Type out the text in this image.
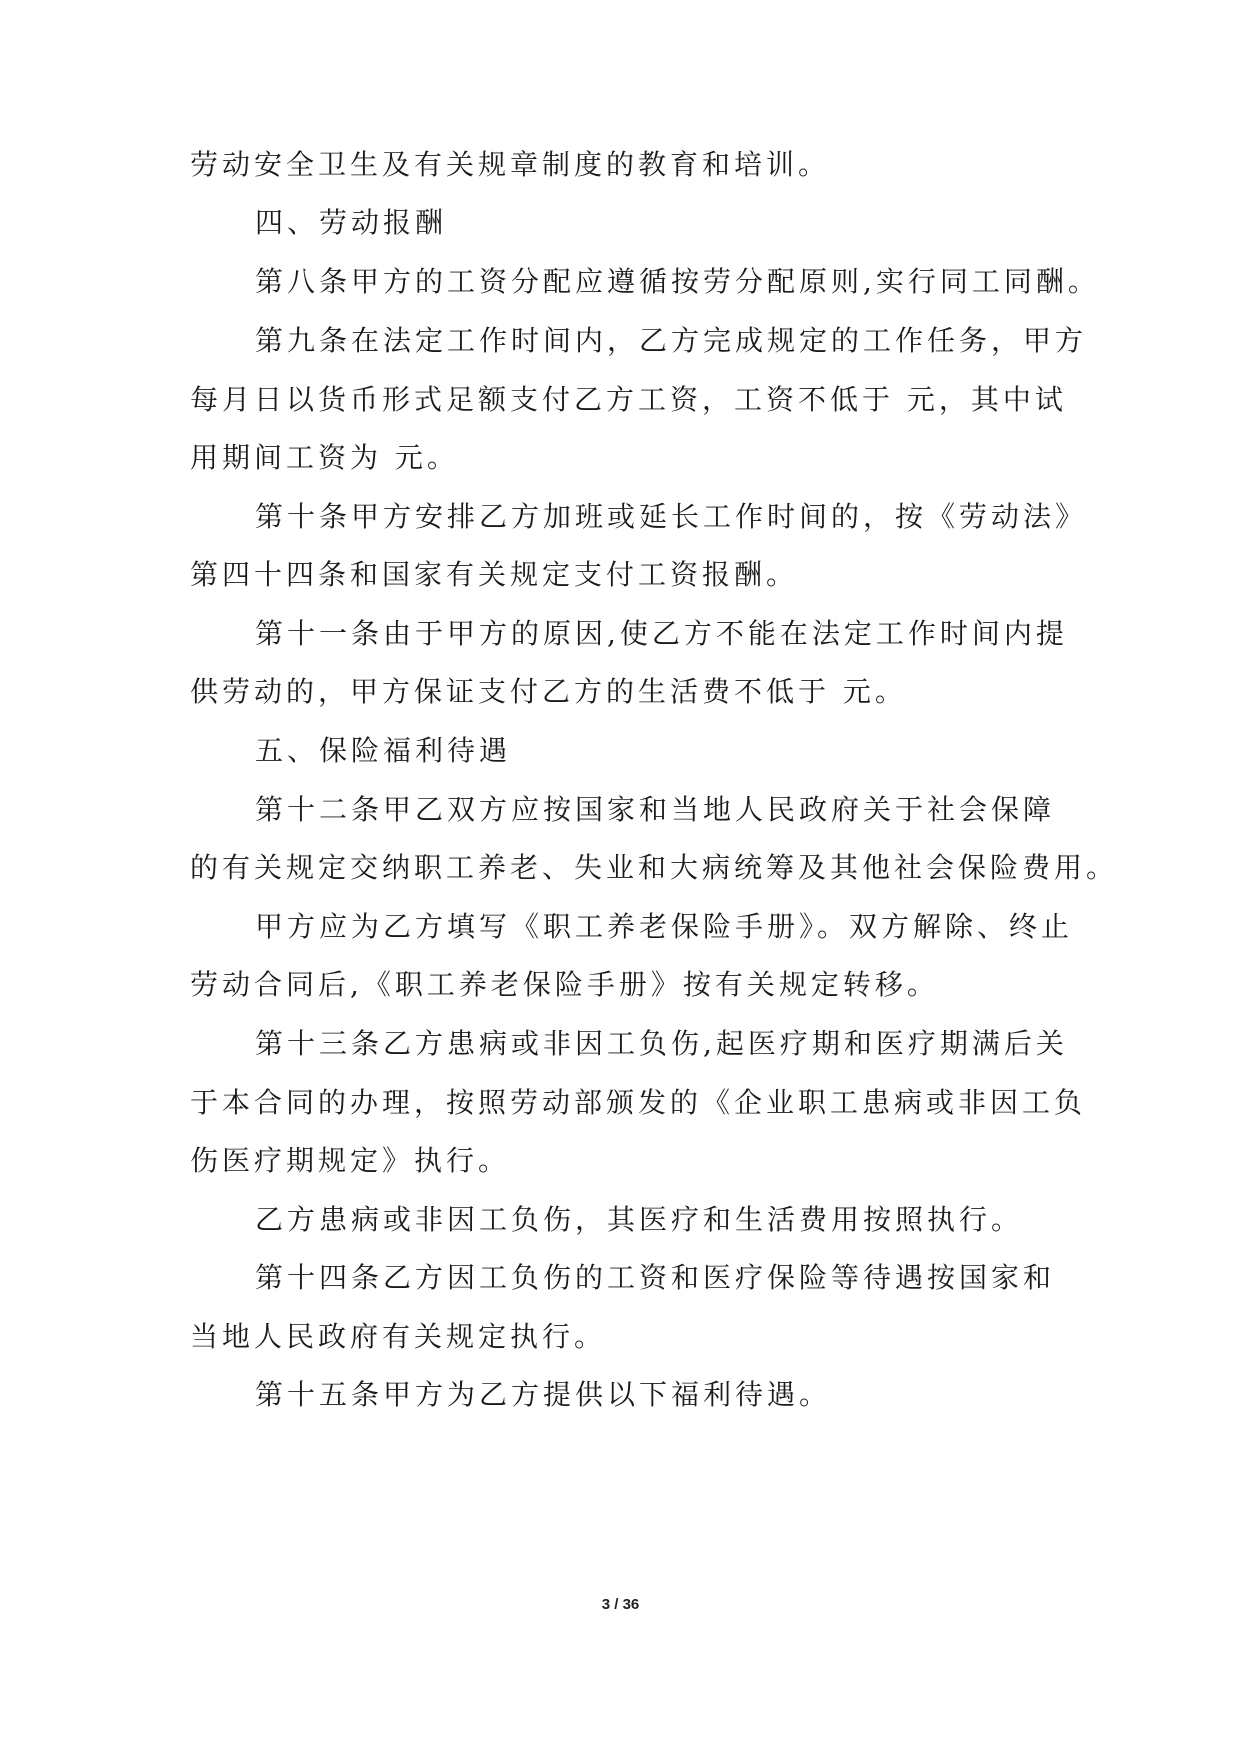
劳动安全卫生及有关规章制度的教育和培训。
四、劳动报酬
第八条甲方的工资分配应遵循按劳分配原则,实行同工同酬。
第九条在法定工作时间内，乙方完成规定的工作任务，甲方
每月日以货币形式足额支付乙方工资，工资不低于 元，其中试
用期间工资为 元。
第十条甲方安排乙方加班或延长工作时间的，按《劳动法》
第四十四条和国家有关规定支付工资报酬。
第十一条由于甲方的原因,使乙方不能在法定工作时间内提
供劳动的，甲方保证支付乙方的生活费不低于 元。
五、保险福利待遇
第十二条甲乙双方应按国家和当地人民政府关于社会保障
的有关规定交纳职工养老、失业和大病统筹及其他社会保险费用。
甲方应为乙方填写《职工养老保险手册》。双方解除、终止
劳动合同后,《职工养老保险手册》按有关规定转移。
第十三条乙方患病或非因工负伤,起医疗期和医疗期满后关
于本合同的办理，按照劳动部颁发的《企业职工患病或非因工负
伤医疗期规定》执行。
乙方患病或非因工负伤，其医疗和生活费用按照执行。
第十四条乙方因工负伤的工资和医疗保险等待遇按国家和
当地人民政府有关规定执行。
第十五条甲方为乙方提供以下福利待遇。
3 / 36
